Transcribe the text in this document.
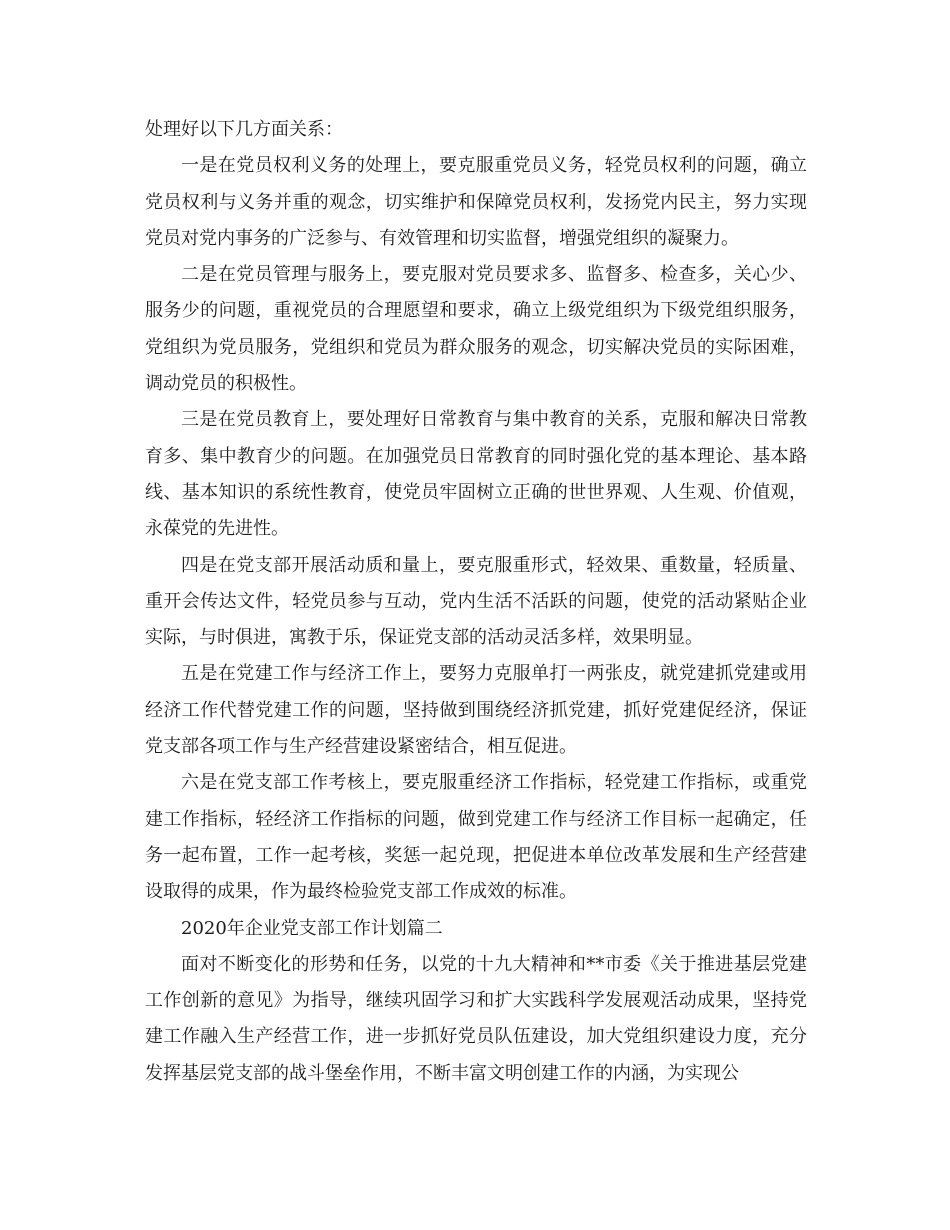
处理好以下几方面关系：

一是在党员权利义务的处理上，要克服重党员义务，轻党员权利的问题，确立党员权利与义务并重的观念，切实维护和保障党员权利，发扬党内民主，努力实现党员对党内事务的广泛参与、有效管理和切实监督，增强党组织的凝聚力。

二是在党员管理与服务上，要克服对党员要求多、监督多、检查多，关心少、服务少的问题，重视党员的合理愿望和要求，确立上级党组织为下级党组织服务，党组织为党员服务，党组织和党员为群众服务的观念，切实解决党员的实际困难，调动党员的积极性。

三是在党员教育上，要处理好日常教育与集中教育的关系，克服和解决日常教育多、集中教育少的问题。在加强党员日常教育的同时强化党的基本理论、基本路线、基本知识的系统性教育，使党员牢固树立正确的世世界观、人生观、价值观，永葆党的先进性。

四是在党支部开展活动质和量上，要克服重形式，轻效果、重数量，轻质量、重开会传达文件，轻党员参与互动，党内生活不活跃的问题，使党的活动紧贴企业实际，与时俱进，寓教于乐，保证党支部的活动灵活多样，效果明显。

五是在党建工作与经济工作上，要努力克服单打一两张皮，就党建抓党建或用经济工作代替党建工作的问题，坚持做到围绕经济抓党建，抓好党建促经济，保证党支部各项工作与生产经营建设紧密结合，相互促进。

六是在党支部工作考核上，要克服重经济工作指标，轻党建工作指标，或重党建工作指标，轻经济工作指标的问题，做到党建工作与经济工作目标一起确定，任务一起布置，工作一起考核，奖惩一起兑现，把促进本单位改革发展和生产经营建设取得的成果，作为最终检验党支部工作成效的标准。

2020年企业党支部工作计划篇二

面对不断变化的形势和任务，以党的十九大精神和**市委《关于推进基层党建工作创新的意见》为指导，继续巩固学习和扩大实践科学发展观活动成果，坚持党建工作融入生产经营工作，进一步抓好党员队伍建设，加大党组织建设力度，充分发挥基层党支部的战斗堡垒作用，不断丰富文明创建工作的内涵，为实现公
